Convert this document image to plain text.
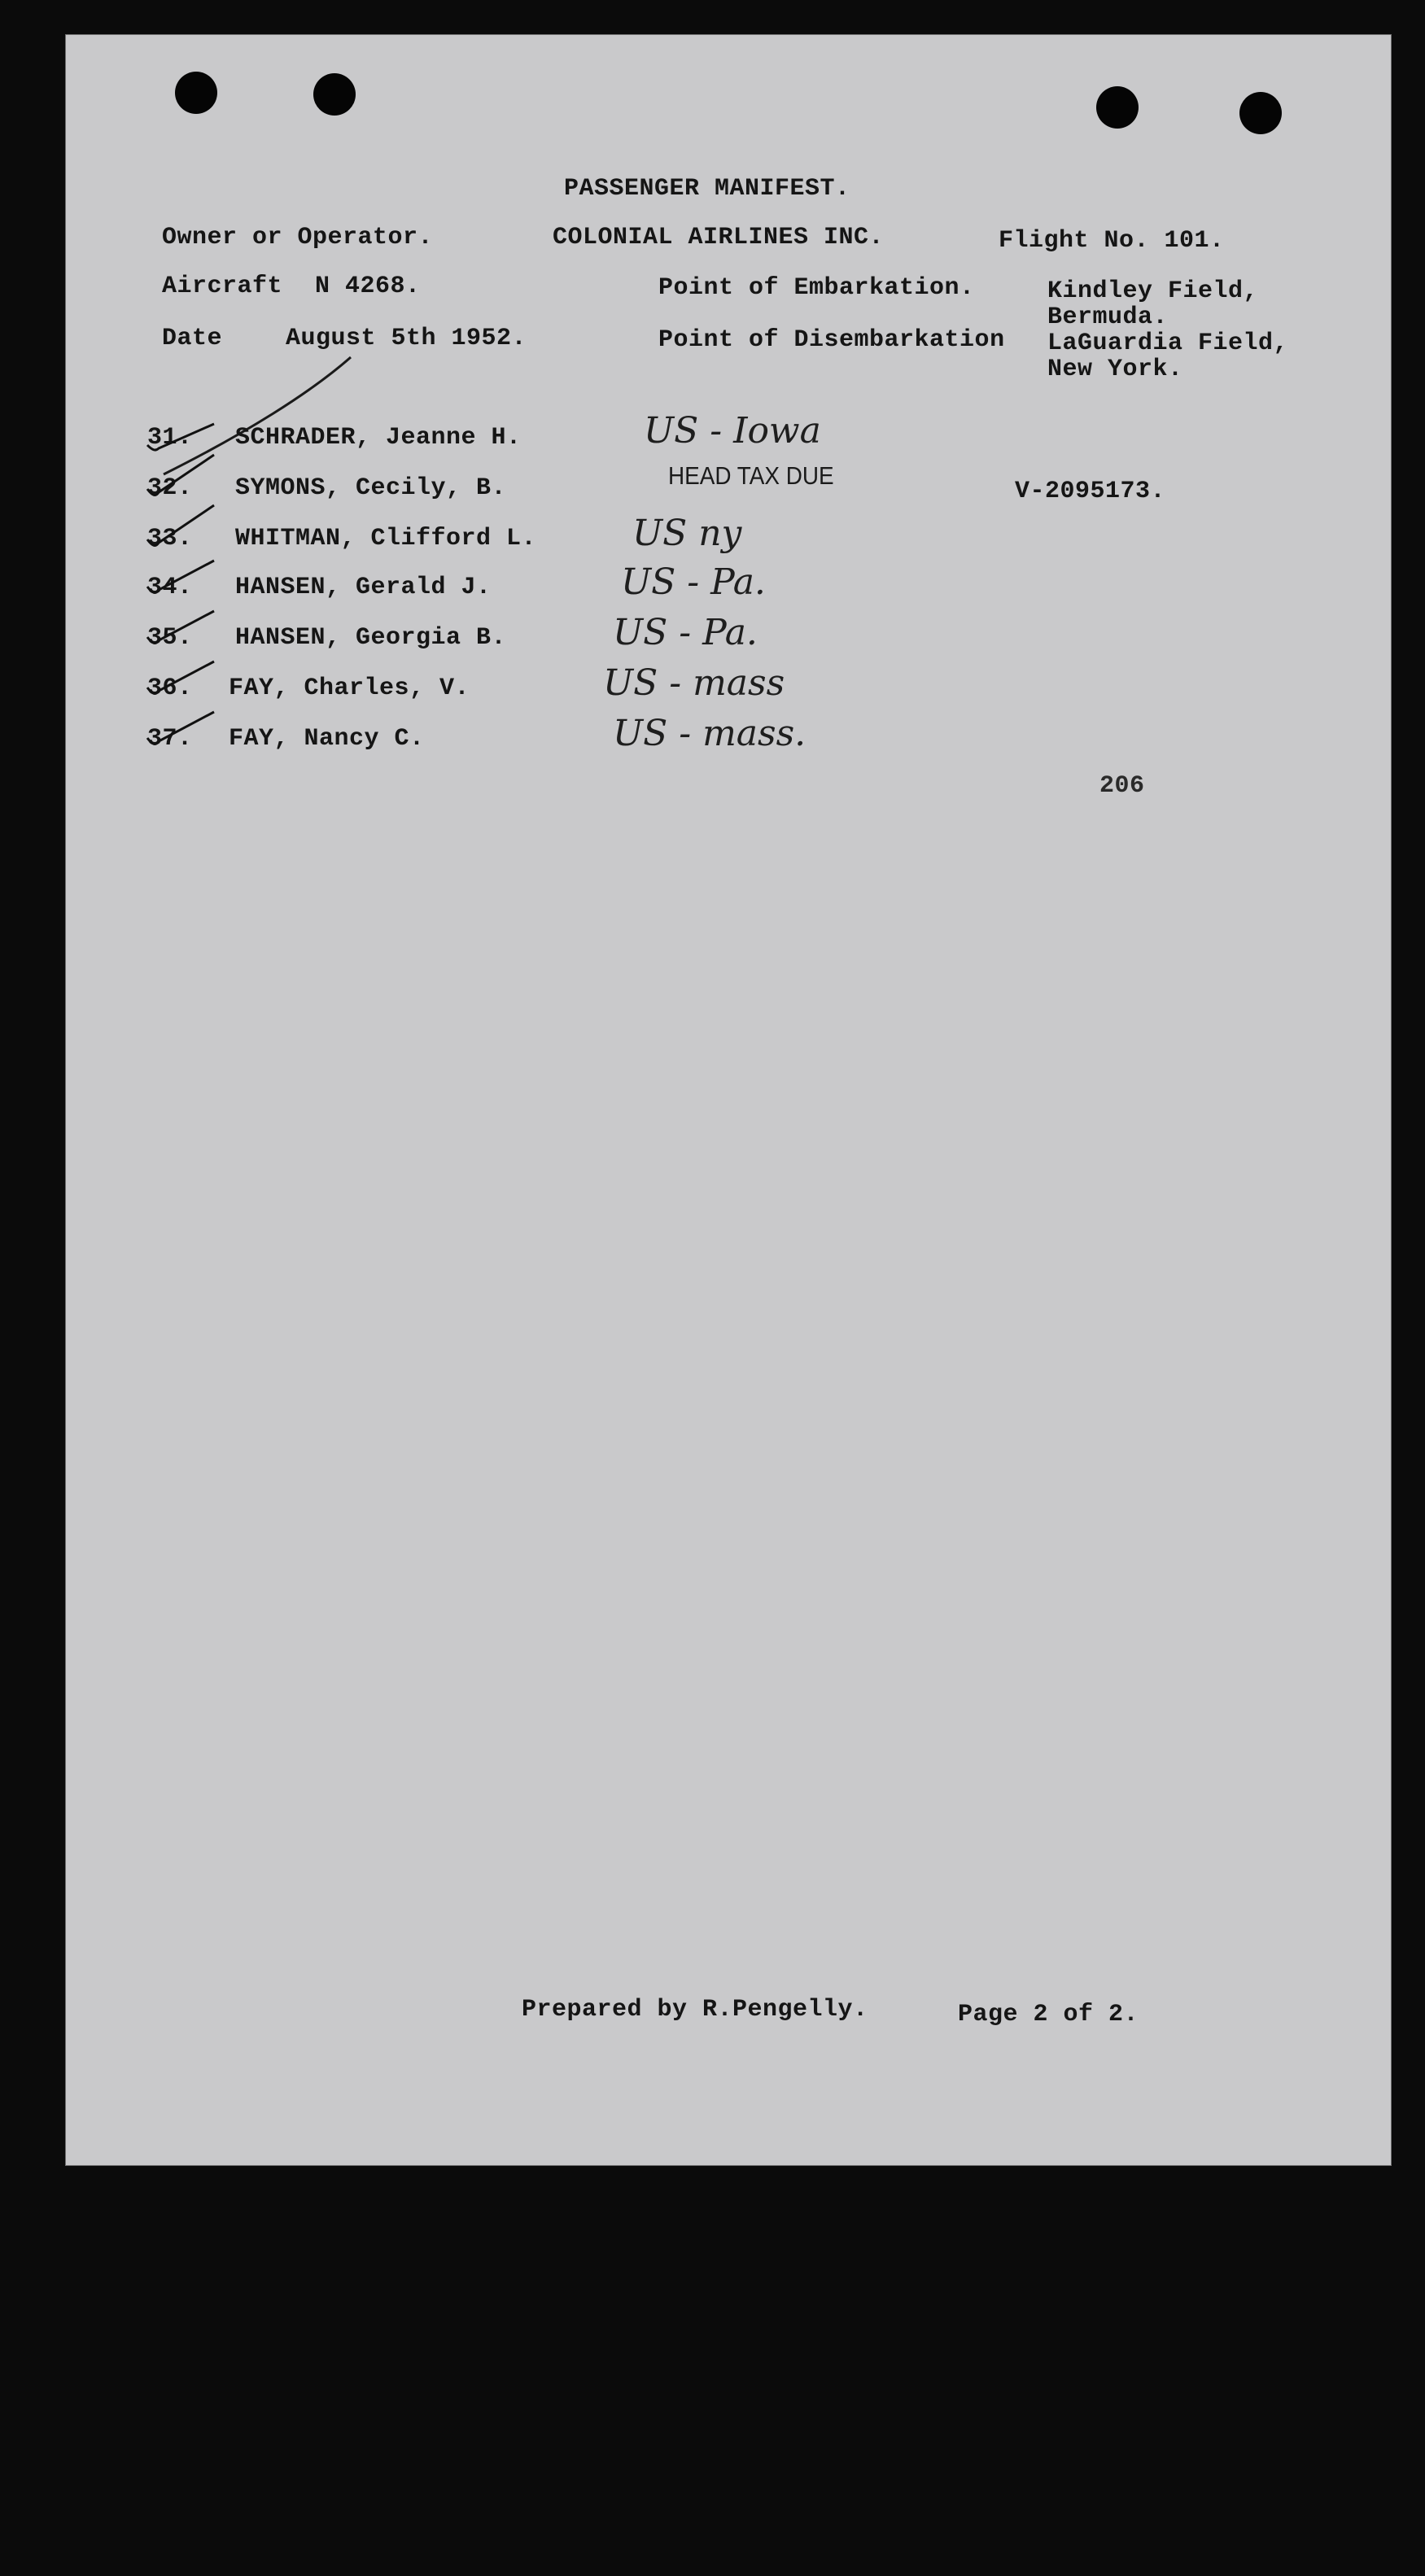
PASSENGER MANIFEST.
Owner or Operator.	COLONIAL AIRLINES INC.	Flight No. 101.
Aircraft N 4268.	Point of Embarkation.	Kindley Field,
Bermuda.
Date	August 5th 1952.	Point of Disembarkation LaGuardia Field,
New York.
31. SCHRADER, Jeanne H.	US - Iowa
32. SYMONS, Cecily, B.	HEAD TAX DUE
V-2095173.
33. WHITMAN, Clifford L.	US ny
34. HANSEN, Gerald J.	US - Pa.
35. HANSEN, Georgia B.	US - Pa.
36. FAY, Charles, V.	US - mass
37. FAY, Nancy C.	US - mass.
206
Prepared by R.Pengelly.	Page 2 of 2.
